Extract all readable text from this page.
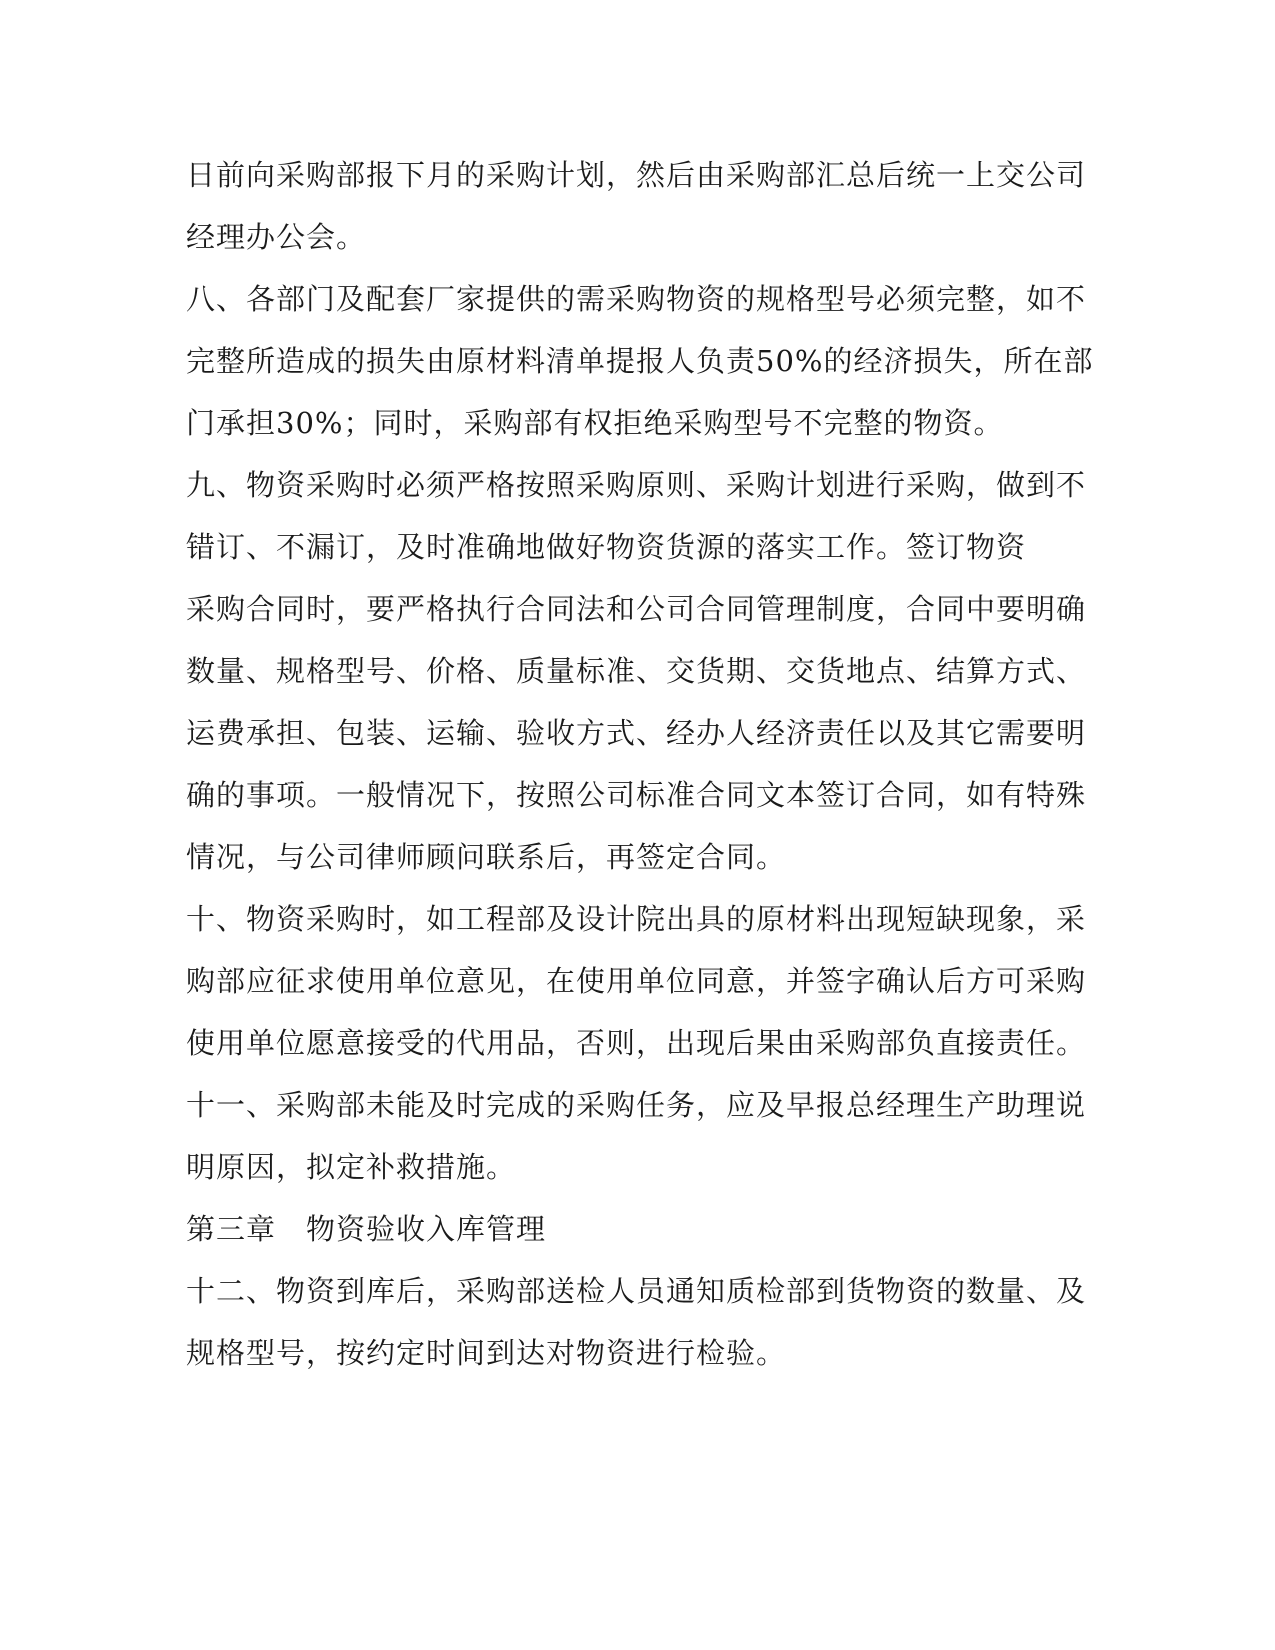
日前向采购部报下月的采购计划，然后由采购部汇总后统一上交公司
经理办公会。
八、各部门及配套厂家提供的需采购物资的规格型号必须完整，如不
完整所造成的损失由原材料清单提报人负责50%的经济损失，所在部
门承担30%；同时，采购部有权拒绝采购型号不完整的物资。
九、物资采购时必须严格按照采购原则、采购计划进行采购，做到不
错订、不漏订，及时准确地做好物资货源的落实工作。签订物资
采购合同时，要严格执行合同法和公司合同管理制度，合同中要明确
数量、规格型号、价格、质量标准、交货期、交货地点、结算方式、
运费承担、包装、运输、验收方式、经办人经济责任以及其它需要明
确的事项。一般情况下，按照公司标准合同文本签订合同，如有特殊
情况，与公司律师顾问联系后，再签定合同。
十、物资采购时，如工程部及设计院出具的原材料出现短缺现象，采
购部应征求使用单位意见，在使用单位同意，并签字确认后方可采购
使用单位愿意接受的代用品，否则，出现后果由采购部负直接责任。
十一、采购部未能及时完成的采购任务，应及早报总经理生产助理说
明原因，拟定补救措施。
第三章　物资验收入库管理
十二、物资到库后，采购部送检人员通知质检部到货物资的数量、及
规格型号，按约定时间到达对物资进行检验。
